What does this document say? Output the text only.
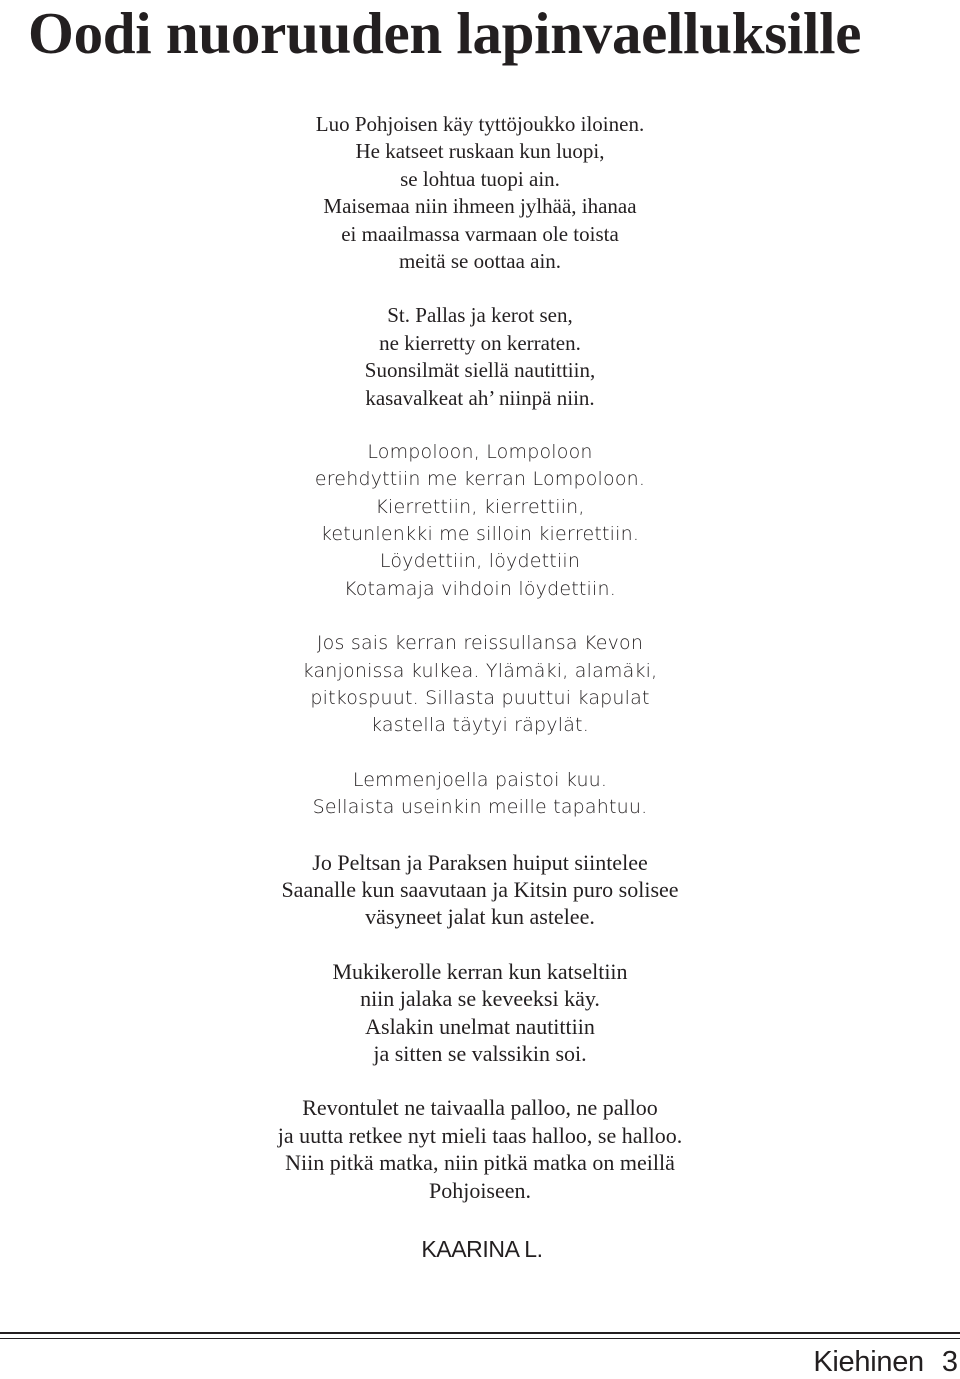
Oodi nuoruuden lapinvaelluksille
Luo Pohjoisen käy tyttöjoukko iloinen.
He katseet ruskaan kun luopi,
se lohtua tuopi ain.
Maisemaa niin ihmeen jylhää, ihanaa
ei maailmassa varmaan ole toista
meitä se oottaa ain.
St. Pallas ja kerot sen,
ne kierretty on kerraten.
Suonsilmät siellä nautittiin,
kasavalkeat ah’ niinpä niin.
Lompoloon, Lompoloon
erehdyttiin me kerran Lompoloon.
Kierrettiin, kierrettiin,
ketunlenkki me silloin kierrettiin.
Löydettiin, löydettiin
Kotamaja vihdoin löydettiin.
Jos sais kerran reissullansa Kevon
kanjonissa kulkea. Ylämäki, alamäki,
pitkospuut. Sillasta puuttui kapulat
kastella täytyi räpylät.
Lemmenjoella paistoi kuu.
Sellaista useinkin meille tapahtuu.
Jo Peltsan ja Paraksen huiput siintelee
Saanalle kun saavutaan ja Kitsin puro solisee
väsyneet jalat kun astelee.
Mukikerolle kerran kun katseltiin
niin jalaka se keveeksi käy.
Aslakin unelmat nautittiin
ja sitten se valssikin soi.
Revontulet ne taivaalla palloo, ne palloo
ja uutta retkee nyt mieli taas halloo, se halloo.
Niin pitkä matka, niin pitkä matka on meillä
Pohjoiseen.
KAARINA L.
Kiehinen 3
